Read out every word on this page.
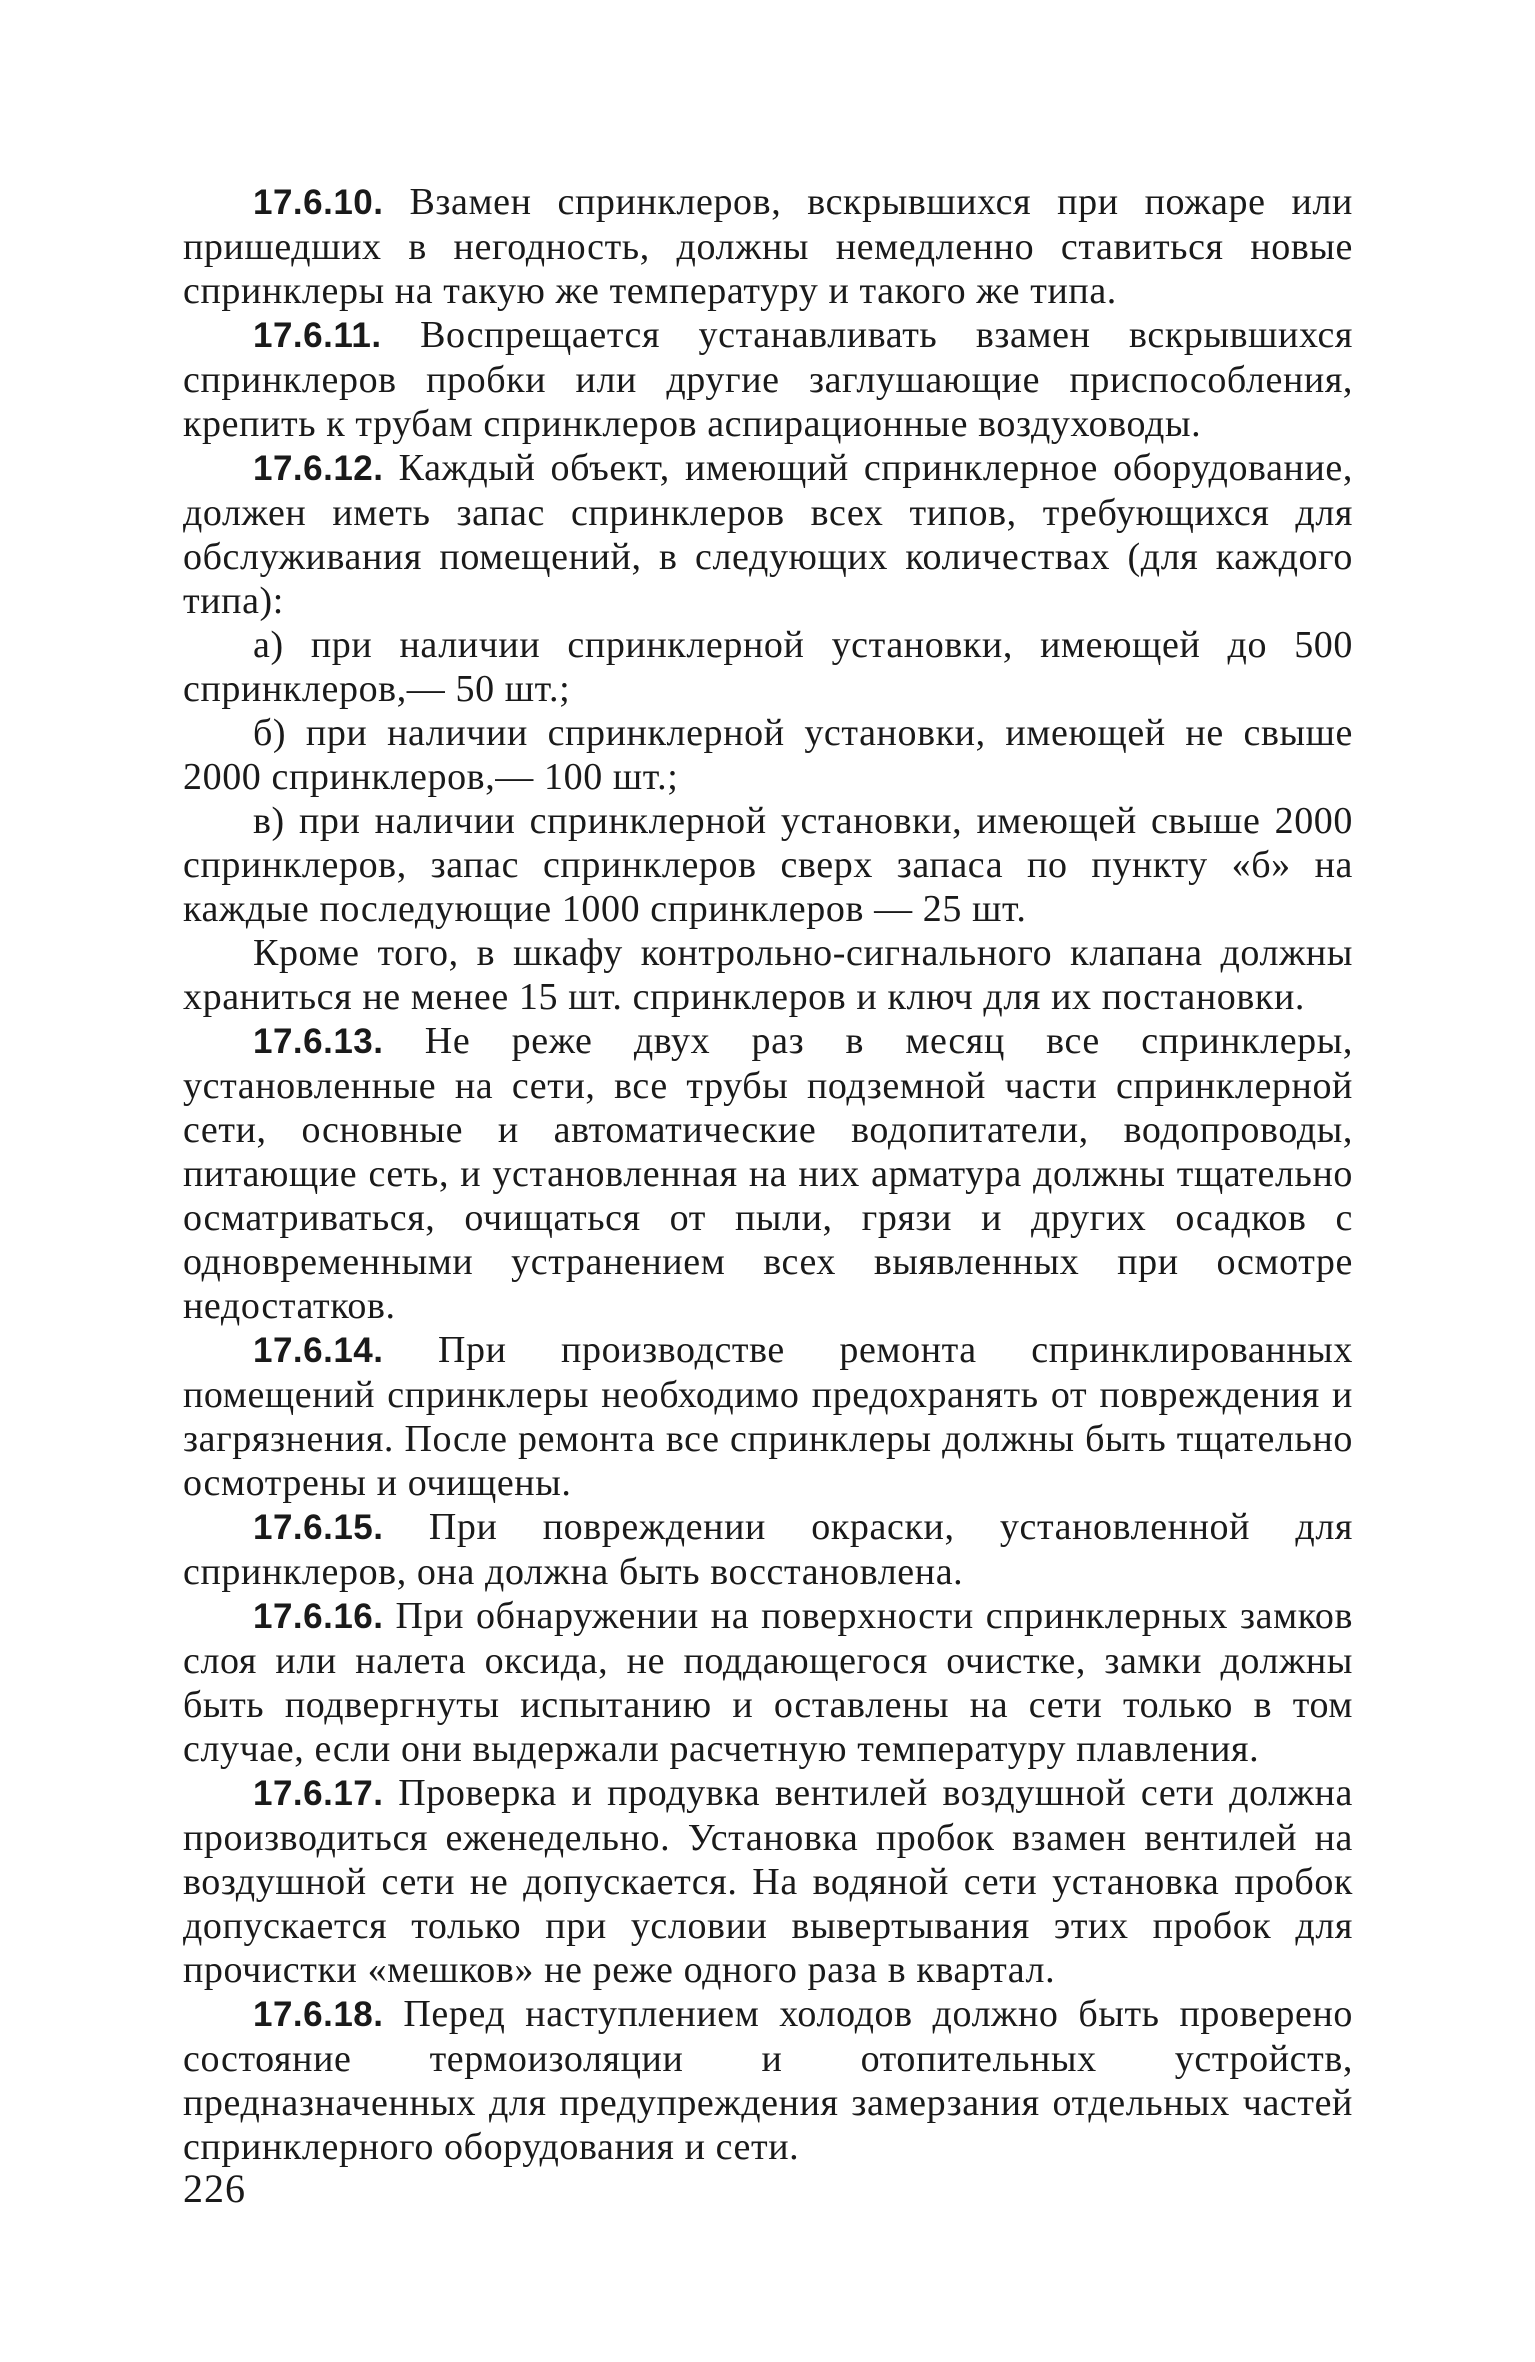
17.6.10. Взамен спринклеров, вскрывшихся при пожаре или пришедших в негодность, должны немедленно ставиться новые спринклеры на такую же температуру и такого же типа.

17.6.11. Воспрещается устанавливать взамен вскрывшихся спринклеров пробки или другие заглушающие приспособления, крепить к трубам спринклеров аспирационные воздуховоды.

17.6.12. Каждый объект, имеющий спринклерное оборудование, должен иметь запас спринклеров всех типов, требующихся для обслуживания помещений, в следующих количествах (для каждого типа):

а) при наличии спринклерной установки, имеющей до 500 спринклеров,— 50 шт.;

б) при наличии спринклерной установки, имеющей не свыше 2000 спринклеров,— 100 шт.;

в) при наличии спринклерной установки, имеющей свыше 2000 спринклеров, запас спринклеров сверх запаса по пункту «б» на каждые последующие 1000 спринклеров — 25 шт.

Кроме того, в шкафу контрольно-сигнального клапана должны храниться не менее 15 шт. спринклеров и ключ для их постановки.

17.6.13. Не реже двух раз в месяц все спринклеры, установленные на сети, все трубы подземной части спринклерной сети, основные и автоматические водопитатели, водопроводы, питающие сеть, и установленная на них арматура должны тщательно осматриваться, очищаться от пыли, грязи и других осадков с одновременными устранением всех выявленных при осмотре недостатков.

17.6.14. При производстве ремонта спринклированных помещений спринклеры необходимо предохранять от повреждения и загрязнения. После ремонта все спринклеры должны быть тщательно осмотрены и очищены.

17.6.15. При повреждении окраски, установленной для спринклеров, она должна быть восстановлена.

17.6.16. При обнаружении на поверхности спринклерных замков слоя или налета оксида, не поддающегося очистке, замки должны быть подвергнуты испытанию и оставлены на сети только в том случае, если они выдержали расчетную температуру плавления.

17.6.17. Проверка и продувка вентилей воздушной сети должна производиться еженедельно. Установка пробок взамен вентилей на воздушной сети не допускается. На водяной сети установка пробок допускается только при условии вывертывания этих пробок для прочистки «мешков» не реже одного раза в квартал.

17.6.18. Перед наступлением холодов должно быть проверено состояние термоизоляции и отопительных устройств, предназначенных для предупреждения замерзания отдельных частей спринклерного оборудования и сети.

226
